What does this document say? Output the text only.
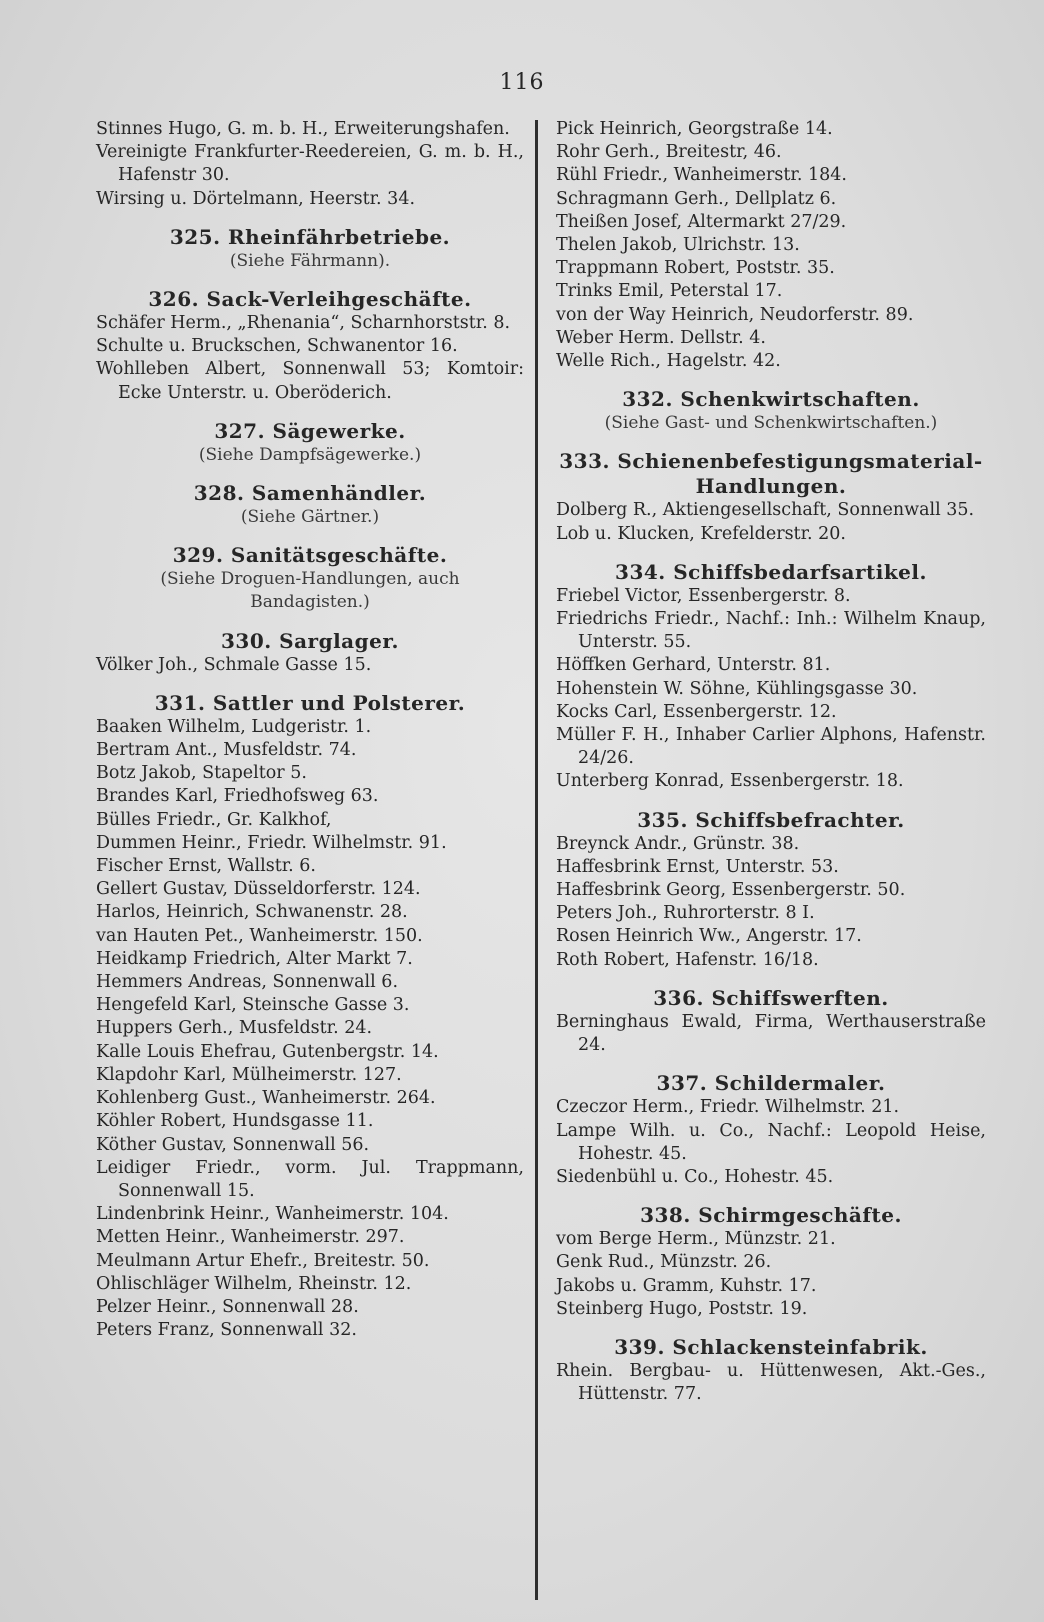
116
Stinnes Hugo, G. m. b. H., Erweiterungshafen.
Vereinigte Frankfurter-Reedereien, G. m. b. H., Hafenstr 30.
Wirsing u. Dörtelmann, Heerstr. 34.
325. Rheinfährbetriebe.
(Siehe Fährmann).
326. Sack-Verleihgeschäfte.
Schäfer Herm., „Rhenania“, Scharnhorststr. 8.
Schulte u. Bruckschen, Schwanentor 16.
Wohlleben Albert, Sonnenwall 53; Komtoir: Ecke Unterstr. u. Oberöderich.
327. Sägewerke.
(Siehe Dampfsägewerke.)
328. Samenhändler.
(Siehe Gärtner.)
329. Sanitätsgeschäfte.
(Siehe Droguen-Handlungen, auch Bandagisten.)
330. Sarglager.
Völker Joh., Schmale Gasse 15.
331. Sattler und Polsterer.
Baaken Wilhelm, Ludgeristr. 1.
Bertram Ant., Musfeldstr. 74.
Botz Jakob, Stapeltor 5.
Brandes Karl, Friedhofsweg 63.
Bülles Friedr., Gr. Kalkhof,
Dummen Heinr., Friedr. Wilhelmstr. 91.
Fischer Ernst, Wallstr. 6.
Gellert Gustav, Düsseldorferstr. 124.
Harlos, Heinrich, Schwanenstr. 28.
van Hauten Pet., Wanheimerstr. 150.
Heidkamp Friedrich, Alter Markt 7.
Hemmers Andreas, Sonnenwall 6.
Hengefeld Karl, Steinsche Gasse 3.
Huppers Gerh., Musfeldstr. 24.
Kalle Louis Ehefrau, Gutenbergstr. 14.
Klapdohr Karl, Mülheimerstr. 127.
Kohlenberg Gust., Wanheimerstr. 264.
Köhler Robert, Hundsgasse 11.
Köther Gustav, Sonnenwall 56.
Leidiger Friedr., vorm. Jul. Trappmann, Sonnenwall 15.
Lindenbrink Heinr., Wanheimerstr. 104.
Metten Heinr., Wanheimerstr. 297.
Meulmann Artur Ehefr., Breitestr. 50.
Ohlischläger Wilhelm, Rheinstr. 12.
Pelzer Heinr., Sonnenwall 28.
Peters Franz, Sonnenwall 32.
Pick Heinrich, Georgstraße 14.
Rohr Gerh., Breitestr, 46.
Rühl Friedr., Wanheimerstr. 184.
Schragmann Gerh., Dellplatz 6.
Theißen Josef, Altermarkt 27/29.
Thelen Jakob, Ulrichstr. 13.
Trappmann Robert, Poststr. 35.
Trinks Emil, Peterstal 17.
von der Way Heinrich, Neudorferstr. 89.
Weber Herm. Dellstr. 4.
Welle Rich., Hagelstr. 42.
332. Schenkwirtschaften.
(Siehe Gast- und Schenkwirtschaften.)
333. Schienenbefestigungsmaterial-Handlungen.
Dolberg R., Aktiengesellschaft, Sonnenwall 35.
Lob u. Klucken, Krefelderstr. 20.
334. Schiffsbedarfsartikel.
Friebel Victor, Essenbergerstr. 8.
Friedrichs Friedr., Nachf.: Inh.: Wilhelm Knaup, Unterstr. 55.
Höffken Gerhard, Unterstr. 81.
Hohenstein W. Söhne, Kühlingsgasse 30.
Kocks Carl, Essenbergerstr. 12.
Müller F. H., Inhaber Carlier Alphons, Hafenstr. 24/26.
Unterberg Konrad, Essenbergerstr. 18.
335. Schiffsbefrachter.
Breynck Andr., Grünstr. 38.
Haffesbrink Ernst, Unterstr. 53.
Haffesbrink Georg, Essenbergerstr. 50.
Peters Joh., Ruhrorterstr. 8 I.
Rosen Heinrich Ww., Angerstr. 17.
Roth Robert, Hafenstr. 16/18.
336. Schiffswerften.
Berninghaus Ewald, Firma, Werthauserstraße 24.
337. Schildermaler.
Czeczor Herm., Friedr. Wilhelmstr. 21.
Lampe Wilh. u. Co., Nachf.: Leopold Heise, Hohestr. 45.
Siedenbühl u. Co., Hohestr. 45.
338. Schirmgeschäfte.
vom Berge Herm., Münzstr. 21.
Genk Rud., Münzstr. 26.
Jakobs u. Gramm, Kuhstr. 17.
Steinberg Hugo, Poststr. 19.
339. Schlackensteinfabrik.
Rhein. Bergbau- u. Hüttenwesen, Akt.-Ges., Hüttenstr. 77.
